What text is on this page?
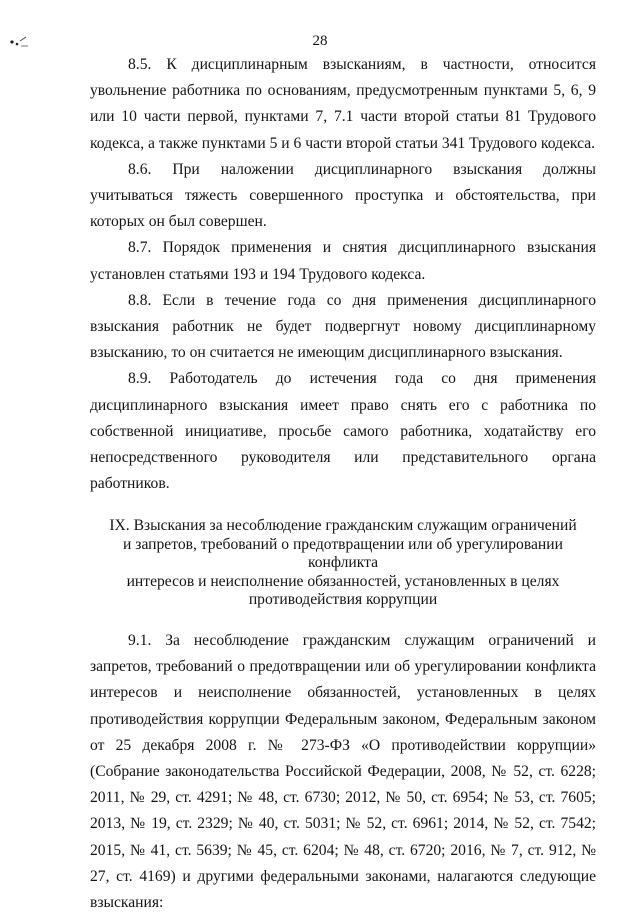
28

8.5. К дисциплинарным взысканиям, в частности, относится увольнение работника по основаниям, предусмотренным пунктами 5, 6, 9 или 10 части первой, пунктами 7, 7.1 части второй статьи 81 Трудового кодекса, а также пунктами 5 и 6 части второй статьи 341 Трудового кодекса.

8.6. При наложении дисциплинарного взыскания должны учитываться тяжесть совершенного проступка и обстоятельства, при которых он был совершен.

8.7. Порядок применения и снятия дисциплинарного взыскания установлен статьями 193 и 194 Трудового кодекса.

8.8. Если в течение года со дня применения дисциплинарного взыскания работник не будет подвергнут новому дисциплинарному взысканию, то он считается не имеющим дисциплинарного взыскания.

8.9. Работодатель до истечения года со дня применения дисциплинарного взыскания имеет право снять его с работника по собственной инициативе, просьбе самого работника, ходатайству его непосредственного руководителя или представительного органа работников.

IX. Взыскания за несоблюдение гражданским служащим ограничений
и запретов, требований о предотвращении или об урегулировании конфликта
интересов и неисполнение обязанностей, установленных в целях
противодействия коррупции

9.1. За несоблюдение гражданским служащим ограничений и запретов, требований о предотвращении или об урегулировании конфликта интересов и неисполнение обязанностей, установленных в целях противодействия коррупции Федеральным законом, Федеральным законом от 25 декабря 2008 г. № 273-ФЗ «О противодействии коррупции» (Собрание законодательства Российской Федерации, 2008, № 52, ст. 6228; 2011, № 29, ст. 4291; № 48, ст. 6730; 2012, № 50, ст. 6954; № 53, ст. 7605; 2013, № 19, ст. 2329; № 40, ст. 5031; № 52, ст. 6961; 2014, № 52, ст. 7542; 2015, № 41, ст. 5639; № 45, ст. 6204; № 48, ст. 6720; 2016, № 7, ст. 912, № 27, ст. 4169) и другими федеральными законами, налагаются следующие взыскания:
